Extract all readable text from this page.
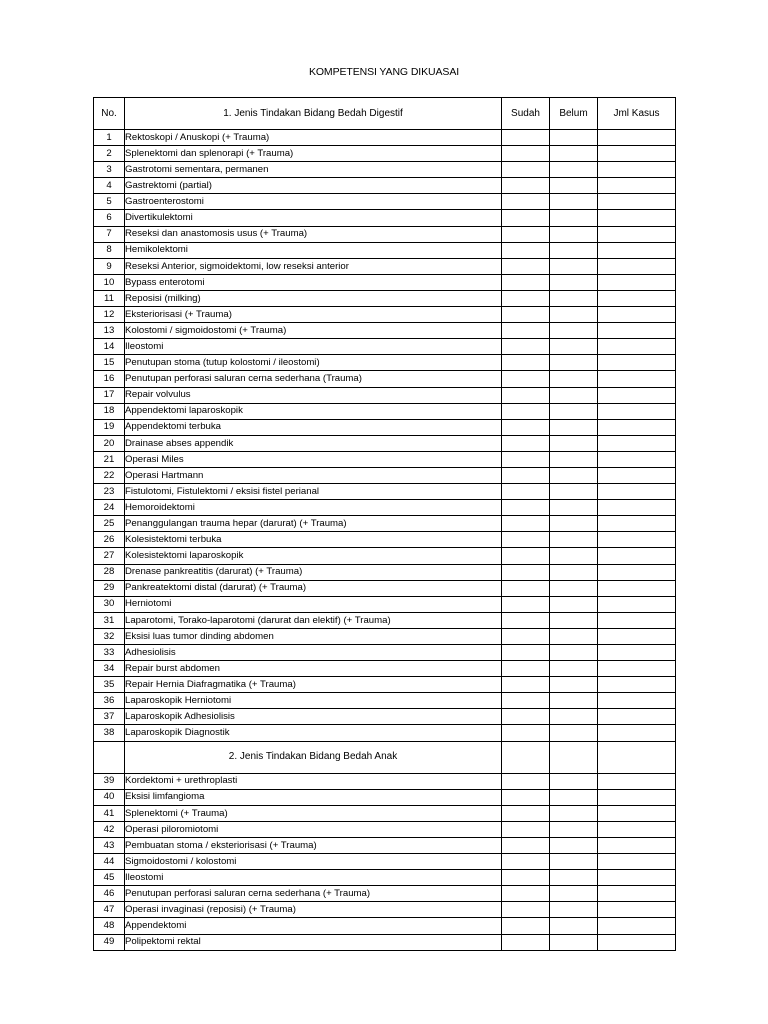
KOMPETENSI YANG DIKUASAI
No.	1. Jenis Tindakan Bidang Bedah Digestif	Sudah	Belum	Jml Kasus
1	Rektoskopi / Anuskopi (+ Trauma)			
2	Splenektomi dan splenorapi (+ Trauma)			
3	Gastrotomi sementara, permanen			
4	Gastrektomi (partial)			
5	Gastroenterostomi			
6	Divertikulektomi			
7	Reseksi dan anastomosis usus (+ Trauma)			
8	Hemikolektomi			
9	Reseksi Anterior, sigmoidektomi, low reseksi anterior			
10	Bypass enterotomi			
11	Reposisi (milking)			
12	Eksteriorisasi (+ Trauma)			
13	Kolostomi / sigmoidostomi (+ Trauma)			
14	Ileostomi			
15	Penutupan stoma (tutup kolostomi / ileostomi)			
16	Penutupan perforasi saluran cerna sederhana (Trauma)			
17	Repair volvulus			
18	Appendektomi laparoskopik			
19	Appendektomi terbuka			
20	Drainase abses appendik			
21	Operasi Miles			
22	Operasi Hartmann			
23	Fistulotomi, Fistulektomi / eksisi fistel perianal			
24	Hemoroidektomi			
25	Penanggulangan trauma hepar (darurat) (+ Trauma)			
26	Kolesistektomi terbuka			
27	Kolesistektomi laparoskopik			
28	Drenase pankreatitis (darurat) (+ Trauma)			
29	Pankreatektomi distal (darurat) (+ Trauma)			
30	Herniotomi			
31	Laparotomi, Torako-laparotomi (darurat dan elektif) (+ Trauma)			
32	Eksisi luas tumor dinding abdomen			
33	Adhesiolisis			
34	Repair burst abdomen			
35	Repair Hernia Diafragmatika (+ Trauma)			
36	Laparoskopik Herniotomi			
37	Laparoskopik Adhesiolisis			
38	Laparoskopik Diagnostik			
	2. Jenis Tindakan Bidang Bedah Anak			
39	Kordektomi + urethroplasti			
40	Eksisi limfangioma			
41	Splenektomi (+ Trauma)			
42	Operasi piloromiotomi			
43	Pembuatan stoma / eksteriorisasi (+ Trauma)			
44	Sigmoidostomi / kolostomi			
45	Ileostomi			
46	Penutupan perforasi saluran cerna sederhana (+ Trauma)			
47	Operasi invaginasi (reposisi) (+ Trauma)			
48	Appendektomi			
49	Polipektomi rektal			
